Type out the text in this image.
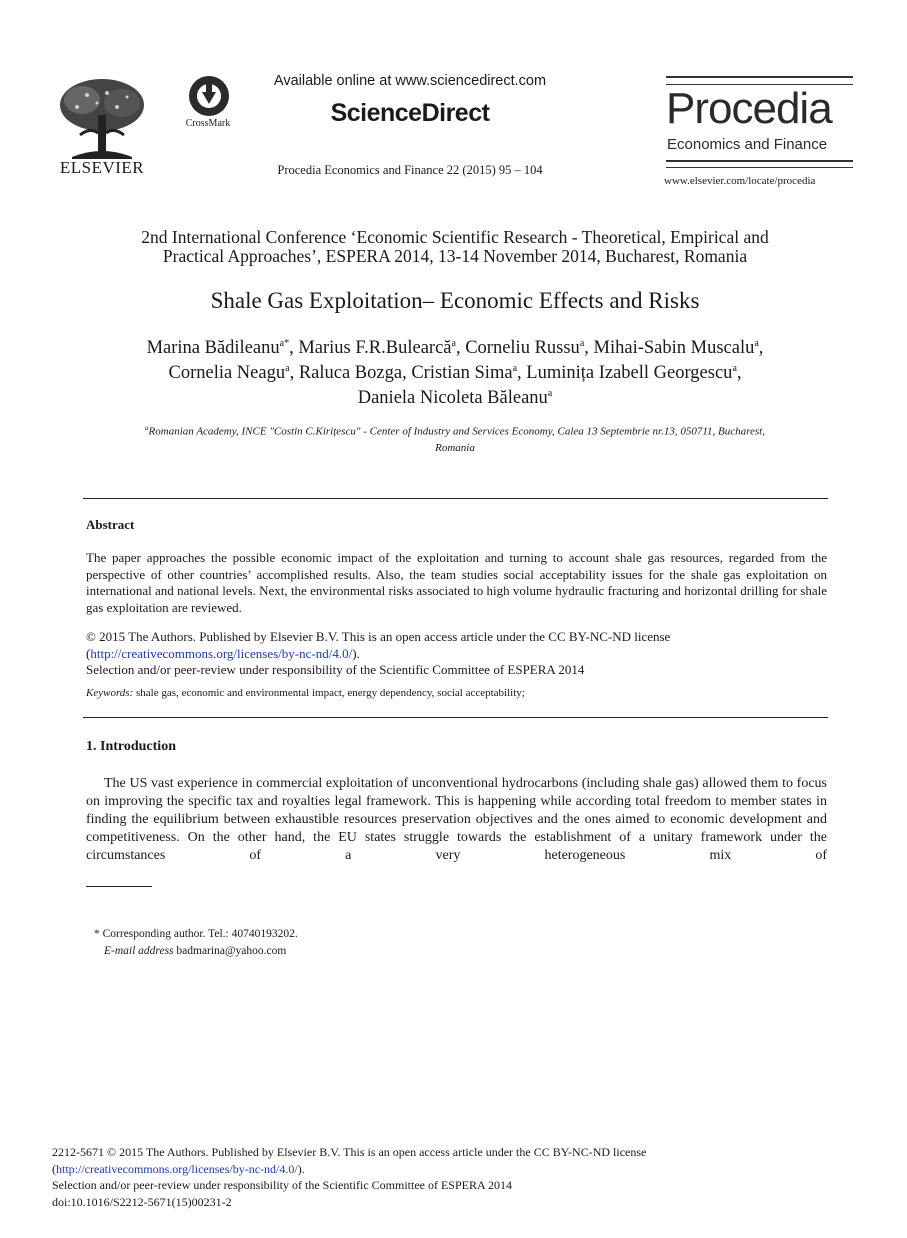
ELSEVIER
CrossMark
Available online at www.sciencedirect.com
ScienceDirect
Procedia Economics and Finance 22 (2015) 95 – 104
Procedia
Economics and Finance
www.elsevier.com/locate/procedia
2nd International Conference ‘Economic Scientific Research - Theoretical, Empirical and
Practical Approaches’, ESPERA 2014, 13-14 November 2014, Bucharest, Romania
Shale Gas Exploitation– Economic Effects and Risks
Marina Bădileanu$^{a*}$, Marius F.R.Bulearcă$^a$, Corneliu Russu$^a$, Mihai-Sabin Muscalu$^a$,
Cornelia Neagu$^a$, Raluca Bozga, Cristian Sima$^a$, Luminița Izabell Georgescu$^a$,
Daniela Nicoleta Băleanu$^a$
$^a$Romanian Academy, INCE "Costin C.Kirițescu" - Center of Industry and Services Economy, Calea 13 Septembrie nr.13, 050711, Bucharest,
Romania
Abstract
The paper approaches the possible economic impact of the exploitation and turning to account shale gas resources, regarded from the perspective of other countries’ accomplished results. Also, the team studies social acceptability issues for the shale gas exploitation on international and national levels. Next, the environmental risks associated to high volume hydraulic fracturing and horizontal drilling for shale gas exploitation are reviewed.
© 2015 The Authors. Published by Elsevier B.V. This is an open access article under the CC BY-NC-ND license
(http://creativecommons.org/licenses/by-nc-nd/4.0/).
Selection and/or peer-review under responsibility of the Scientific Committee of ESPERA 2014
Keywords: shale gas, economic and environmental impact, energy dependency, social acceptability;
1. Introduction
The US vast experience in commercial exploitation of unconventional hydrocarbons (including shale gas) allowed them to focus on improving the specific tax and royalties legal framework. This is happening while according total freedom to member states in finding the equilibrium between exhaustible resources preservation objectives and the ones aimed to economic development and competitiveness. On the other hand, the EU states struggle towards the establishment of a unitary framework under the circumstances of a very heterogeneous mix of
* Corresponding author. Tel.: 40740193202.
E-mail address badmarina@yahoo.com
2212-5671 © 2015 The Authors. Published by Elsevier B.V. This is an open access article under the CC BY-NC-ND license
(http://creativecommons.org/licenses/by-nc-nd/4.0/).
Selection and/or peer-review under responsibility of the Scientific Committee of ESPERA 2014
doi:10.1016/S2212-5671(15)00231-2
